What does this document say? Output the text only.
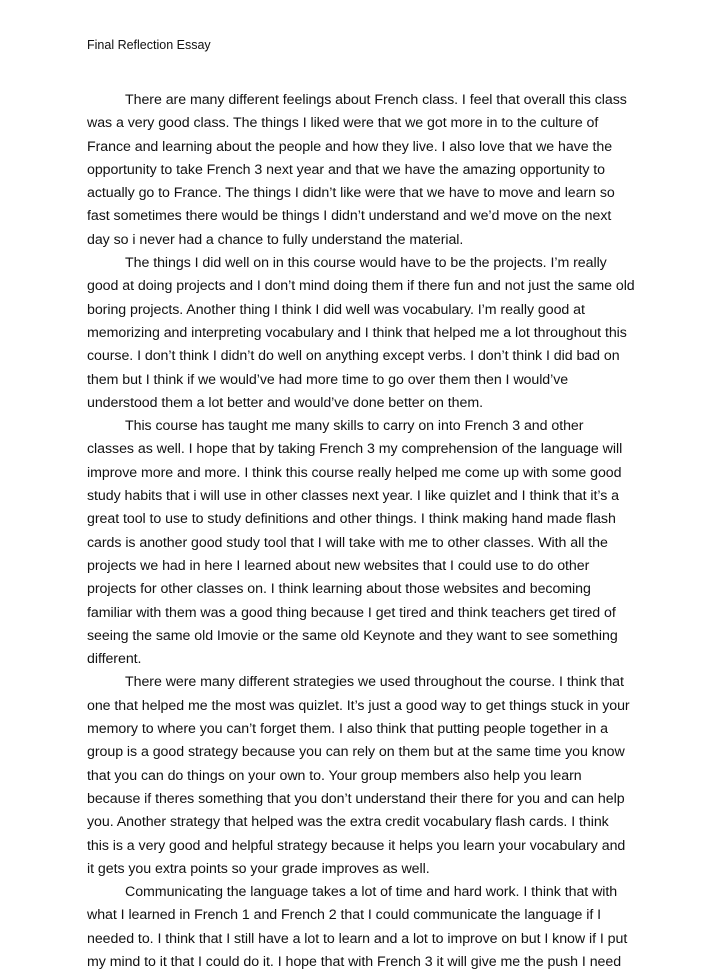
Final Reflection Essay
There are many different feelings about French class. I feel that overall this class
was a very good class. The things I liked were that we got more in to the culture of
France and learning about the people and how they live. I also love that we have the
opportunity to take French 3 next year and that we have the amazing opportunity to
actually go to France. The things I didn’t like were that we have to move and learn so
fast sometimes there would be things I didn’t understand and we’d move on the next
day so i never had a chance to fully understand the material.
The things I did well on in this course would have to be the projects. I’m really
good at doing projects and I don’t mind doing them if there fun and not just the same old
boring projects. Another thing I think I did well was vocabulary. I’m really good at
memorizing and interpreting vocabulary and I think that helped me a lot throughout this
course. I don’t think I didn’t do well on anything except verbs. I don’t think I did bad on
them but I think if we would’ve had more time to go over them then I would’ve
understood them a lot better and would’ve done better on them.
This course has taught me many skills to carry on into French 3 and other
classes as well. I hope that by taking French 3 my comprehension of the language will
improve more and more. I think this course really helped me come up with some good
study habits that i will use in other classes next year. I like quizlet and I think that it’s a
great tool to use to study definitions and other things. I think making hand made flash
cards is another good study tool that I will take with me to other classes. With all the
projects we had in here I learned about new websites that I could use to do other
projects for other classes on. I think learning about those websites and becoming
familiar with them was a good thing because I get tired and think teachers get tired of
seeing the same old Imovie or the same old Keynote and they want to see something
different.
There were many different strategies we used throughout the course. I think that
one that helped me the most was quizlet. It’s just a good way to get things stuck in your
memory to where you can’t forget them. I also think that putting people together in a
group is a good strategy because you can rely on them but at the same time you know
that you can do things on your own to. Your group members also help you learn
because if theres something that you don’t understand their there for you and can help
you. Another strategy that helped was the extra credit vocabulary flash cards. I think
this is a very good and helpful strategy because it helps you learn your vocabulary and
it gets you extra points so your grade improves as well.
Communicating the language takes a lot of time and hard work. I think that with
what I learned in French 1 and French 2 that I could communicate the language if I
needed to. I think that I still have a lot to learn and a lot to improve on but I know if I put
my mind to it that I could do it. I hope that with French 3 it will give me the push I need
